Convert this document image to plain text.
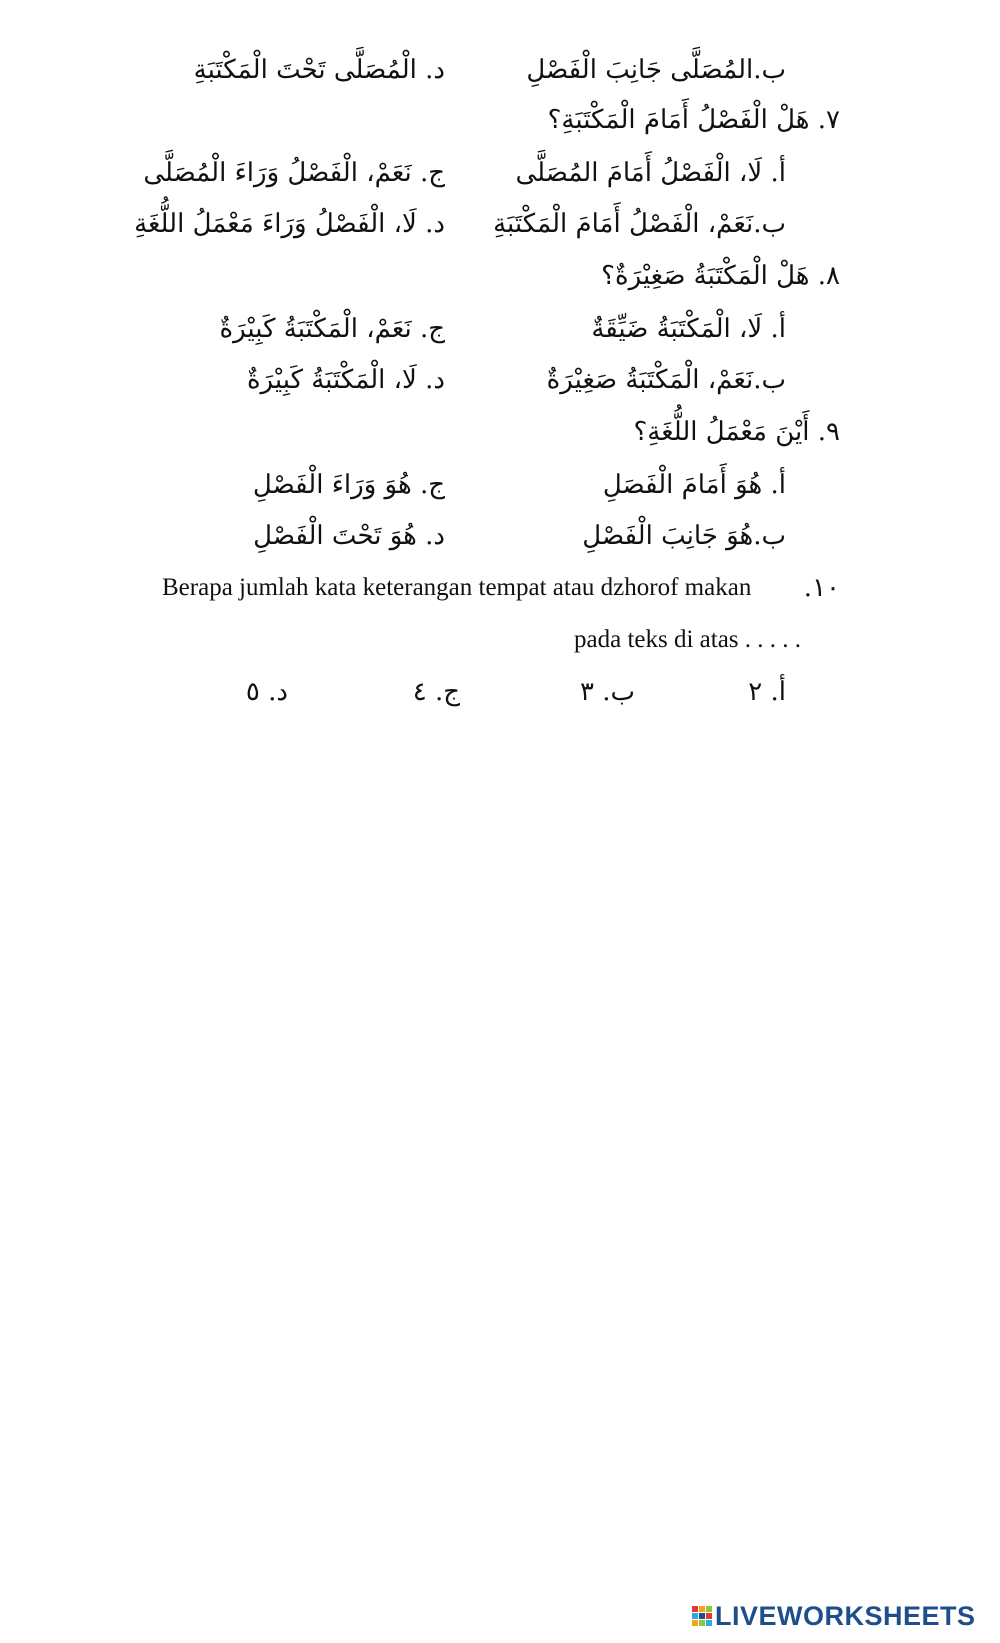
ب.المُصَلَّى جَانِبَ الْفَصْلِ
د. الْمُصَلَّى تَحْتَ الْمَكْتَبَةِ
٧. هَلْ الْفَصْلُ أَمَامَ الْمَكْتَبَةِ؟
أ. لَا، الْفَصْلُ أَمَامَ المُصَلَّى
ج. نَعَمْ، الْفَصْلُ وَرَاءَ الْمُصَلَّى
ب.نَعَمْ، الْفَصْلُ أَمَامَ الْمَكْتَبَةِ
د. لَا، الْفَصْلُ وَرَاءَ مَعْمَلُ اللُّغَةِ
٨. هَلْ الْمَكْتَبَةُ صَغِيْرَةٌ؟
أ. لَا، الْمَكْتَبَةُ ضَيِّقَةٌ
ج. نَعَمْ، الْمَكْتَبَةُ كَبِيْرَةٌ
ب.نَعَمْ، الْمَكْتَبَةُ صَغِيْرَةٌ
د. لَا، الْمَكْتَبَةُ كَبِيْرَةٌ
٩. أَيْنَ مَعْمَلُ اللُّغَةِ؟
أ. هُوَ أَمَامَ الْفَصَلِ
ج. هُوَ وَرَاءَ الْفَصْلِ
ب.هُوَ جَانِبَ الْفَصْلِ
د. هُوَ تَحْتَ الْفَصْلِ
١٠.
Berapa jumlah kata keterangan tempat atau dzhorof makan
pada teks di atas . . . . .
أ. ٢
ب. ٣
ج. ٤
د. ٥
LIVEWORKSHEETS
